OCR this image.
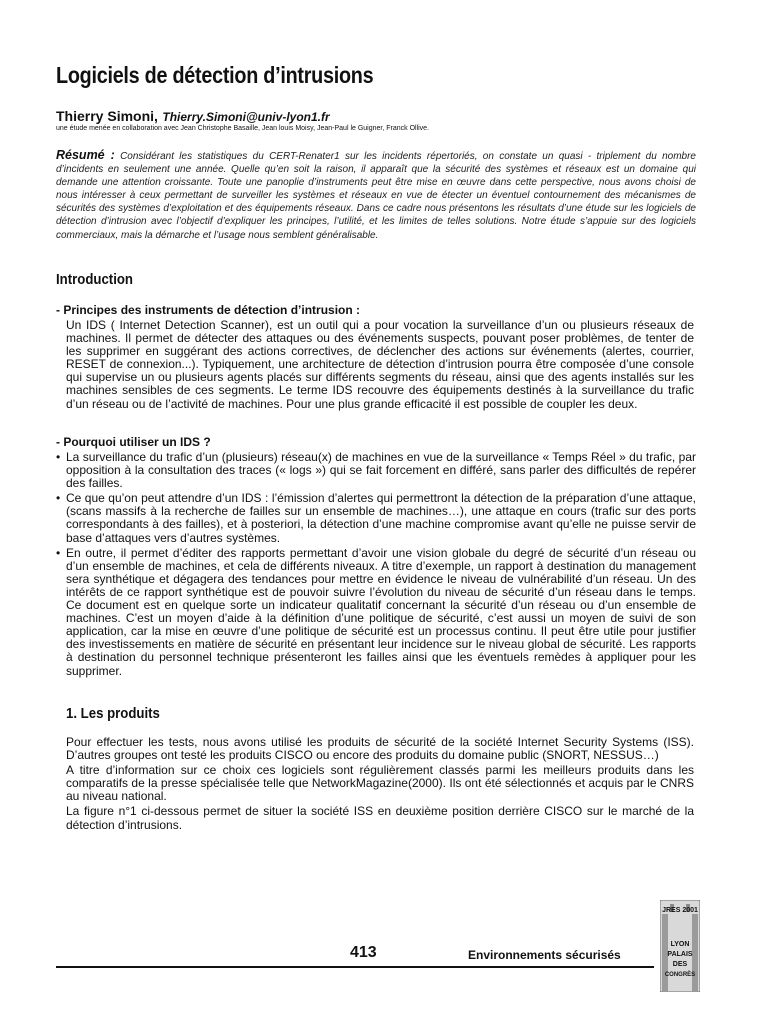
Logiciels de détection d’intrusions
Thierry Simoni, Thierry.Simoni@univ-lyon1.fr
une étude menée en collaboration avec Jean Christophe Basaille, Jean louis Moisy, Jean-Paul le Guigner, Franck Ollive.

Résumé : Considérant les statistiques du CERT-Renater1 sur les incidents répertoriés, on constate un quasi - triplement du nombre d’incidents en seulement une année. Quelle qu’en soit la raison, il apparaît que la sécurité des systèmes et réseaux est un domaine qui demande une attention croissante. Toute une panoplie d’instruments peut être mise en œuvre dans cette perspective, nous avons choisi de nous intéresser à ceux permettant de surveiller les systèmes et réseaux en vue de étecter un éventuel contournement des mécanismes de sécurités des systèmes d’exploitation et des équipements réseaux. Dans ce cadre nous présentons les résultats d’une étude sur les logiciels de détection d’intrusion avec l’objectif d’expliquer les principes, l’utilité, et les limites de telles solutions. Notre étude s’appuie sur des logiciels commerciaux, mais la démarche et l’usage nous semblent généralisable.

Introduction
- Principes des instruments de détection d’intrusion :

Un IDS ( Internet Detection Scanner), est un outil qui a pour vocation la surveillance d’un ou plusieurs réseaux de machines. Il permet de détecter des attaques ou des événements suspects, pouvant poser problèmes, de tenter de les supprimer en suggérant des actions correctives, de déclencher des actions sur événements (alertes, courrier, RESET de connexion...). Typiquement, une architecture de détection d’intrusion pourra être composée d’une console qui supervise un ou plusieurs agents placés sur différents segments du réseau, ainsi que des agents installés sur les machines sensibles de ces segments. Le terme IDS recouvre des équipements destinés à la surveillance du trafic d’un réseau ou de l’activité de machines. Pour une plus grande efficacité il est possible de coupler les deux.

- Pourquoi utiliser un IDS ?
• La surveillance du trafic d’un (plusieurs) réseau(x) de machines en vue de la surveillance « Temps Réel » du trafic, par opposition à la consultation des traces (« logs ») qui se fait forcement en différé, sans parler des difficultés de repérer des failles.
• Ce que qu’on peut attendre d’un IDS : l’émission d’alertes qui permettront la détection de la préparation d’une attaque, (scans massifs à la recherche de failles sur un ensemble de machines…), une attaque en cours (trafic sur des ports correspondants à des failles), et à posteriori, la détection d’une machine compromise avant qu’elle ne puisse servir de base d’attaques vers d’autres systèmes.
• En outre, il permet d’éditer des rapports permettant d’avoir une vision globale du degré de sécurité d’un réseau ou d’un ensemble de machines, et cela de différents niveaux. A titre d’exemple, un rapport à destination du management sera synthétique et dégagera des tendances pour mettre en évidence le niveau de vulnérabilité d’un réseau. Un des intérêts de ce rapport synthétique est de pouvoir suivre l’évolution du niveau de sécurité d’un réseau dans le temps. Ce document est en quelque sorte un indicateur qualitatif concernant la sécurité d’un réseau ou d’un ensemble de machines. C’est un moyen d’aide à la définition d’une politique de sécurité, c’est aussi un moyen de suivi de son application, car la mise en œuvre d’une politique de sécurité est un processus continu. Il peut être utile pour justifier des investissements en matière de sécurité en présentant leur incidence sur le niveau global de sécurité. Les rapports à destination du personnel technique présenteront les failles ainsi que les éventuels remèdes à appliquer pour les supprimer.
1. Les produits

Pour effectuer les tests, nous avons utilisé les produits de sécurité de la société Internet Security Systems (ISS). D’autres groupes ont testé les produits CISCO ou encore des produits du domaine public (SNORT, NESSUS…)

A titre d’information sur ce choix ces logiciels sont régulièrement classés parmi les meilleurs produits dans les comparatifs de la presse spécialisée telle que NetworkMagazine(2000). Ils ont été sélectionnés et acquis par le CNRS au niveau national.

La figure n°1 ci-dessous permet de situer la société ISS en deuxième position derrière CISCO sur le marché de la détection d’intrusions.

413	Environnements sécurisés
JRES 2001
LYON
PALAIS
DES
CONGRÈS
